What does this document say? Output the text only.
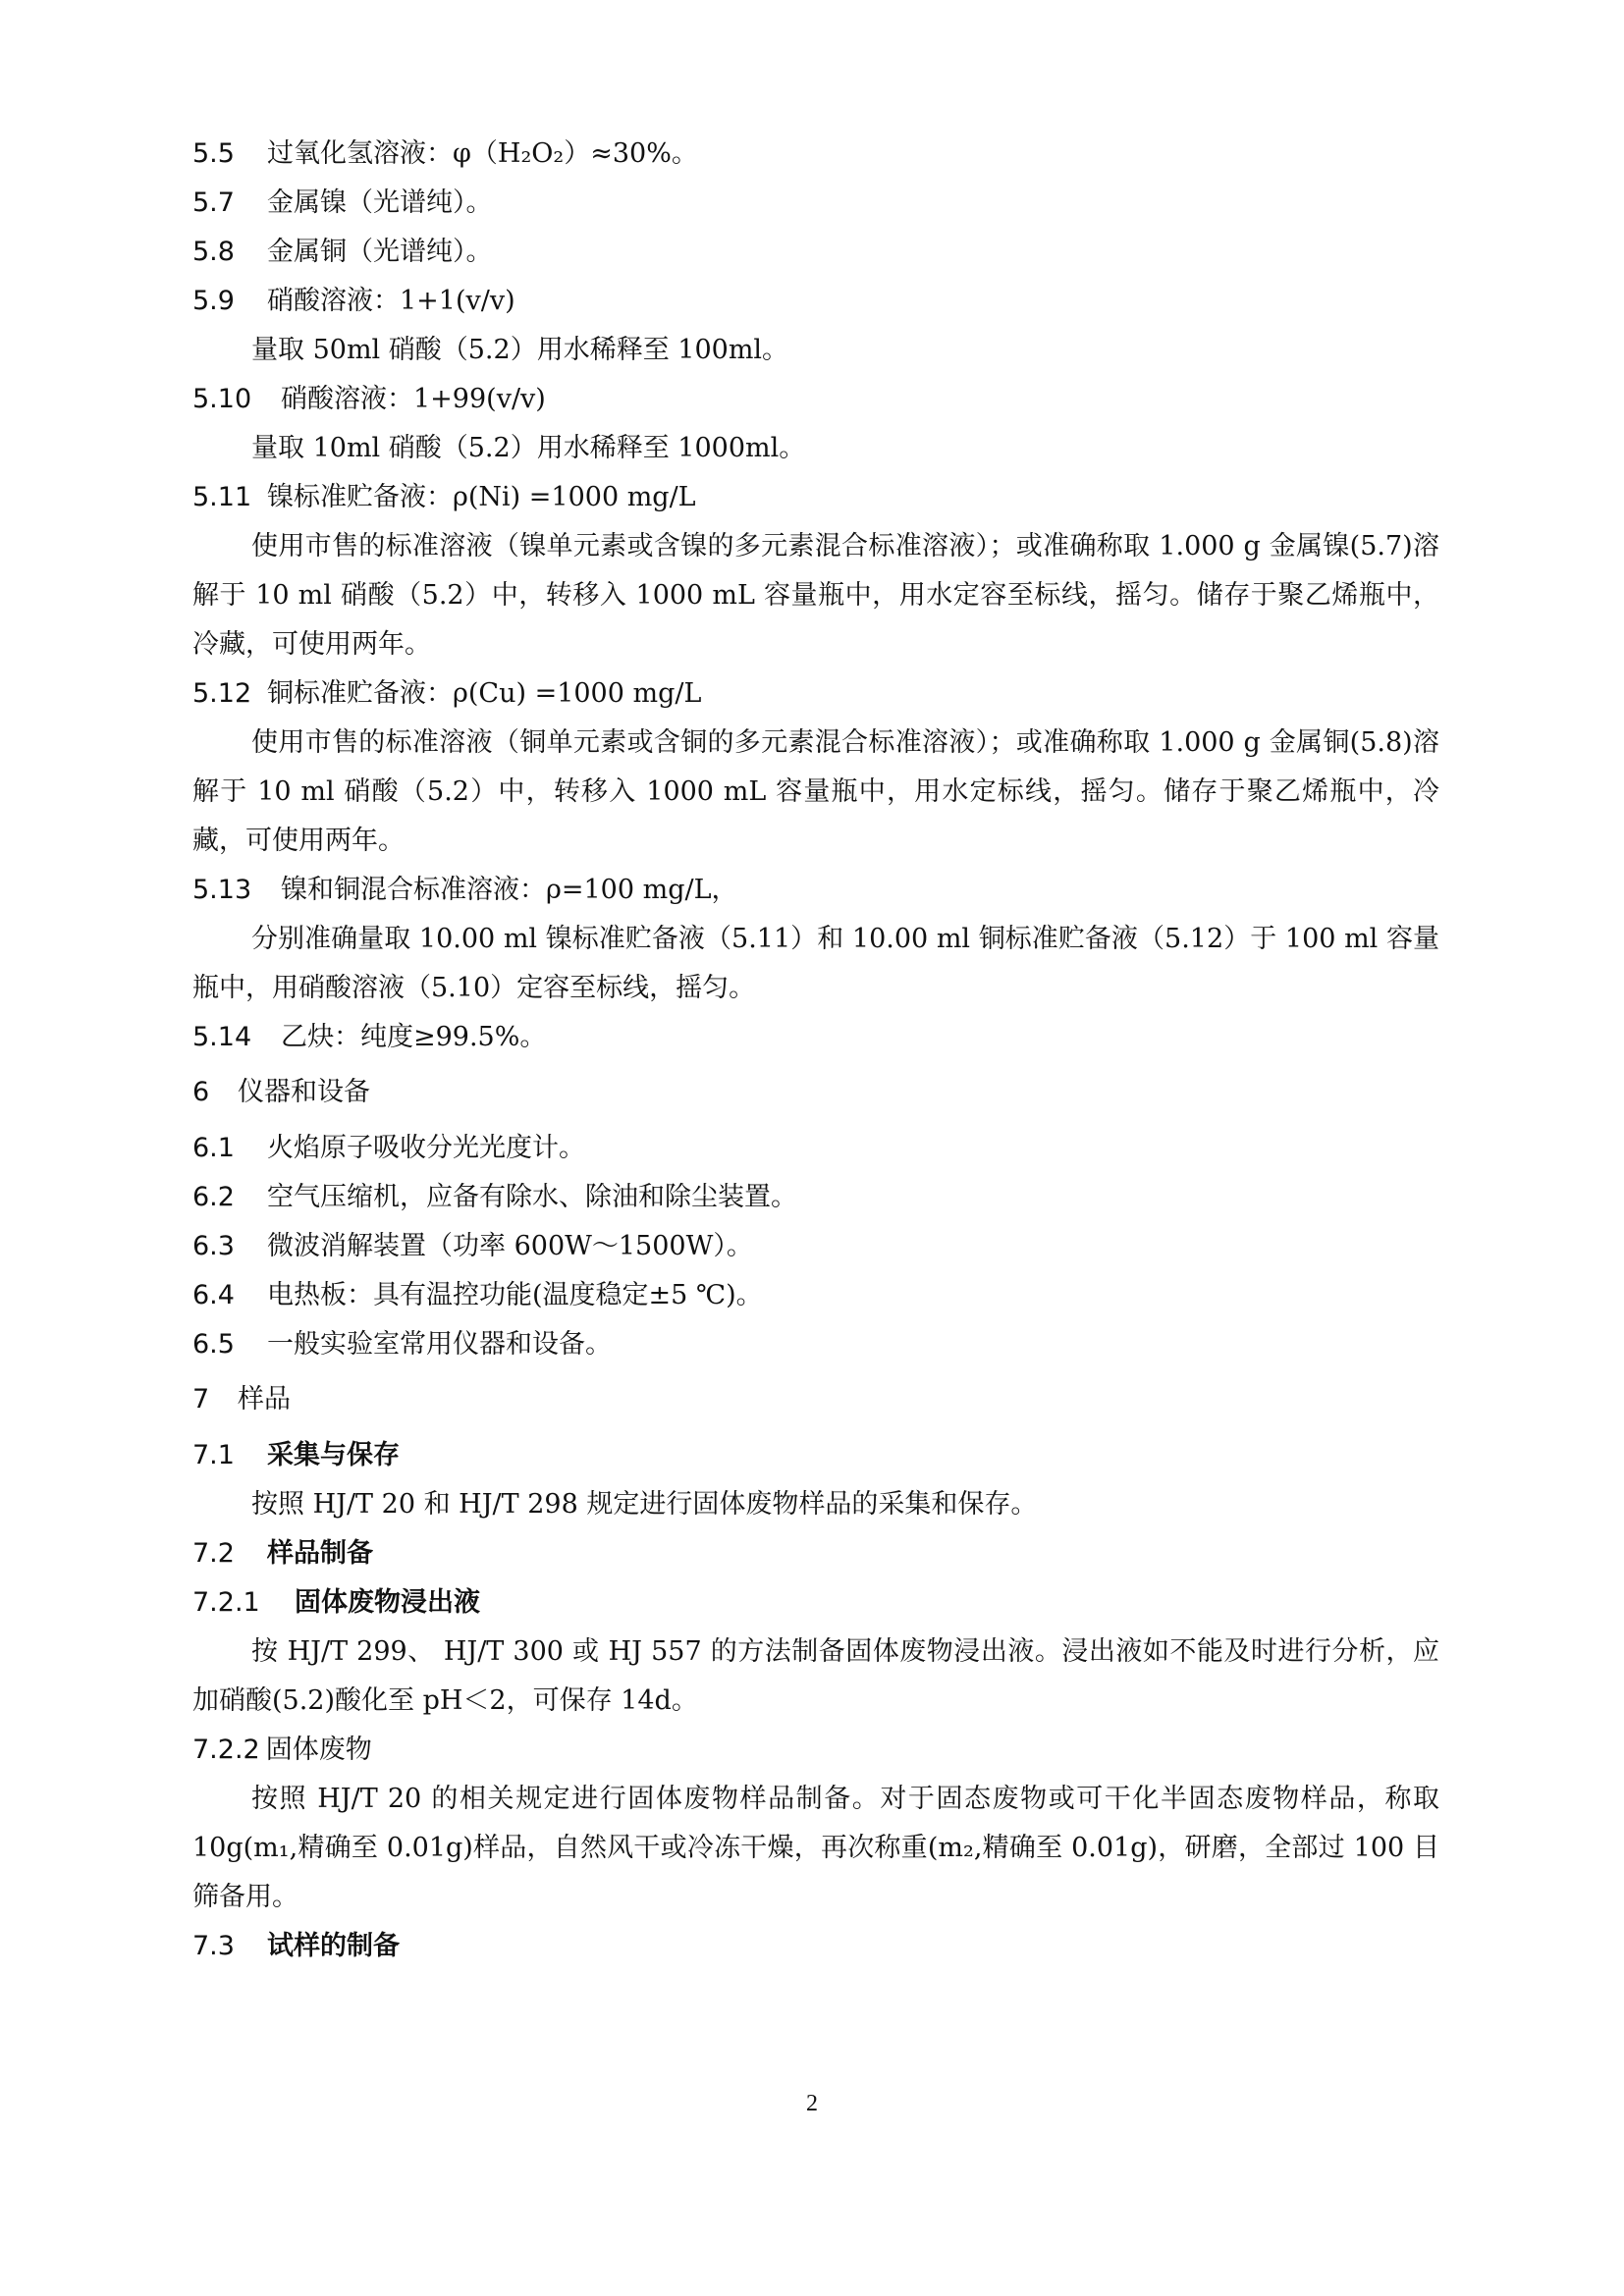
5.5 过氧化氢溶液：φ（H₂O₂）≈30%。
5.7 金属镍（光谱纯）。
5.8 金属铜（光谱纯）。
5.9 硝酸溶液：1+1(v/v)
量取 50ml 硝酸（5.2）用水稀释至 100ml。
5.10 硝酸溶液：1+99(v/v)
量取 10ml 硝酸（5.2）用水稀释至 1000ml。
5.11 镍标准贮备液：ρ(Ni) =1000 mg/L
使用市售的标准溶液（镍单元素或含镍的多元素混合标准溶液）；或准确称取 1.000 g 金属镍(5.7)溶解于 10 ml 硝酸（5.2）中，转移入 1000 mL 容量瓶中，用水定容至标线，摇匀。储存于聚乙烯瓶中，冷藏，可使用两年。
5.12 铜标准贮备液：ρ(Cu) =1000 mg/L
使用市售的标准溶液（铜单元素或含铜的多元素混合标准溶液）；或准确称取 1.000 g 金属铜(5.8)溶解于 10 ml 硝酸（5.2）中，转移入 1000 mL 容量瓶中，用水定标线，摇匀。储存于聚乙烯瓶中，冷藏，可使用两年。
5.13 镍和铜混合标准溶液：ρ=100 mg/L，
分别准确量取 10.00 ml 镍标准贮备液（5.11）和 10.00 ml 铜标准贮备液（5.12）于 100 ml 容量瓶中，用硝酸溶液（5.10）定容至标线，摇匀。
5.14 乙炔：纯度≥99.5%。
6 仪器和设备
6.1 火焰原子吸收分光光度计。
6.2 空气压缩机，应备有除水、除油和除尘装置。
6.3 微波消解装置（功率 600W～1500W）。
6.4 电热板：具有温控功能(温度稳定±5 ℃)。
6.5 一般实验室常用仪器和设备。
7 样品
7.1 采集与保存
按照 HJ/T 20 和 HJ/T 298 规定进行固体废物样品的采集和保存。
7.2 样品制备
7.2.1 固体废物浸出液
按 HJ/T 299、 HJ/T 300 或 HJ 557 的方法制备固体废物浸出液。浸出液如不能及时进行分析，应加硝酸(5.2)酸化至 pH＜2，可保存 14d。
7.2.2 固体废物
按照 HJ/T 20 的相关规定进行固体废物样品制备。对于固态废物或可干化半固态废物样品，称取 10g(m₁,精确至 0.01g)样品，自然风干或冷冻干燥，再次称重(m₂,精确至 0.01g)，研磨，全部过 100 目筛备用。
7.3 试样的制备
2
